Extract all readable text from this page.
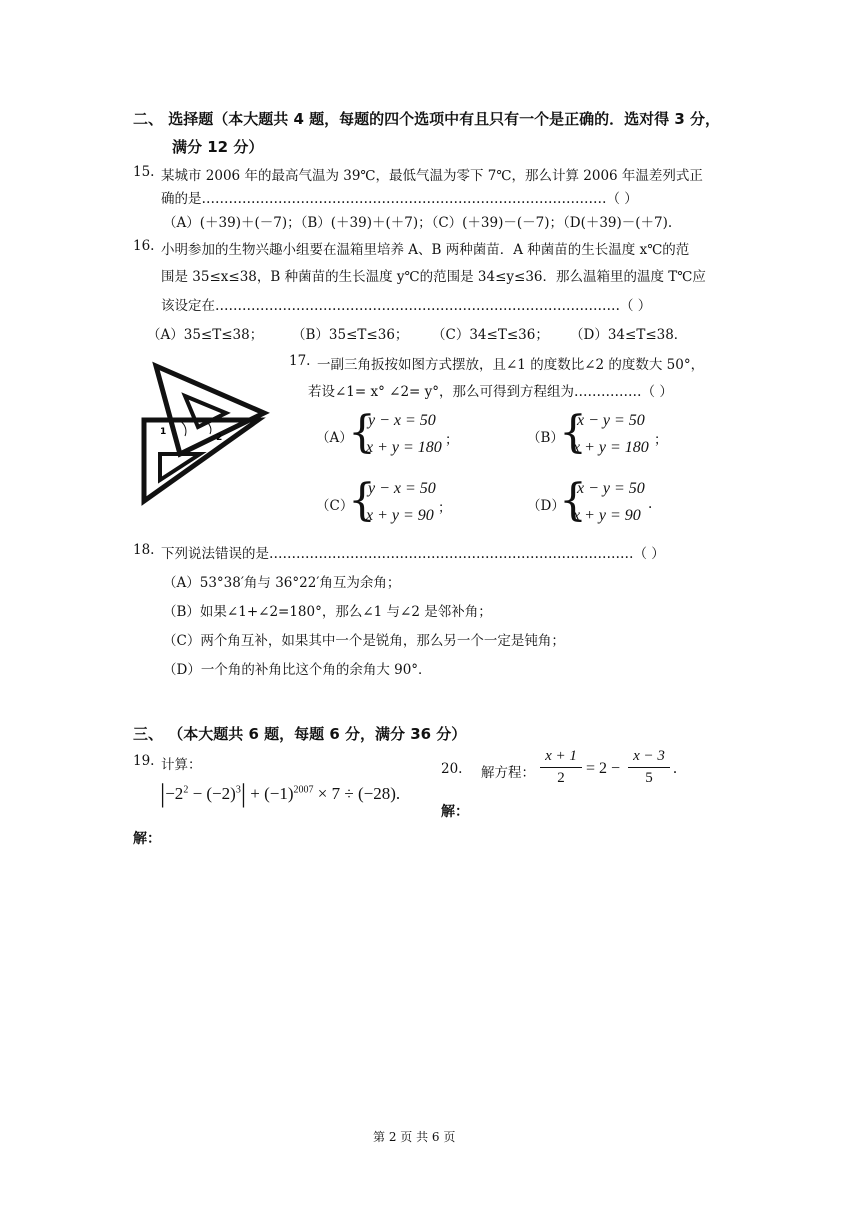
二、 选择题（本大题共 4 题，每题的四个选项中有且只有一个是正确的．选对得 3 分，
满分 12 分）
15. 某城市 2006 年的最高气温为 39℃，最低气温为零下 7℃，那么计算 2006 年温差列式正
确的是………………………………………………………………………………（ ）
（A）(＋39)＋(－7)；（B）(＋39)＋(＋7)；（C）(＋39)－(－7)；（D(＋39)－(＋7).
16. 小明参加的生物兴趣小组要在温箱里培养 A、B 两种菌苗．A 种菌苗的生长温度 x℃的范
围是 35≤x≤38，B 种菌苗的生长温度 y℃的范围是 34≤y≤36．那么温箱里的温度 T℃应
该设定在………………………………………………………………………………（ ）
（A）35≤T≤38； （B）35≤T≤36； （C）34≤T≤36； （D）34≤T≤38．
1
2
17. 一副三角扳按如图方式摆放，且∠1 的度数比∠2 的度数大 50°，
若设∠1= x° ∠2= y°，那么可得到方程组为……………（ ）
（A）
{
y − x = 50
x + y = 180 ；	（B）
{
x − y = 50
x + y = 180 ；
（C）
{
y − x = 50
x + y = 90 ；	（D）
{
x − y = 50
x + y = 90
.
18. 下列说法错误的是………………………………………………………………………（ ）
（A）53°38′角与 36°22′角互为余角；
（B）如果∠1+∠2=180°，那么∠1 与∠2 是邻补角；
（C）两个角互补，如果其中一个是锐角，那么另一个一定是钝角；
（D）一个角的补角比这个角的余角大 90°．
三、 （本大题共 6 题，每题 6 分，满分 36 分）
19. 计算：
$|-2^2 - (-2)^3| + (-1)^{2007} \times 7 \div (-28)$.
解：
20. 解方程：
x + 1
2
= 2 −
x − 3
5
.
解：
第 2 页 共 6 页
